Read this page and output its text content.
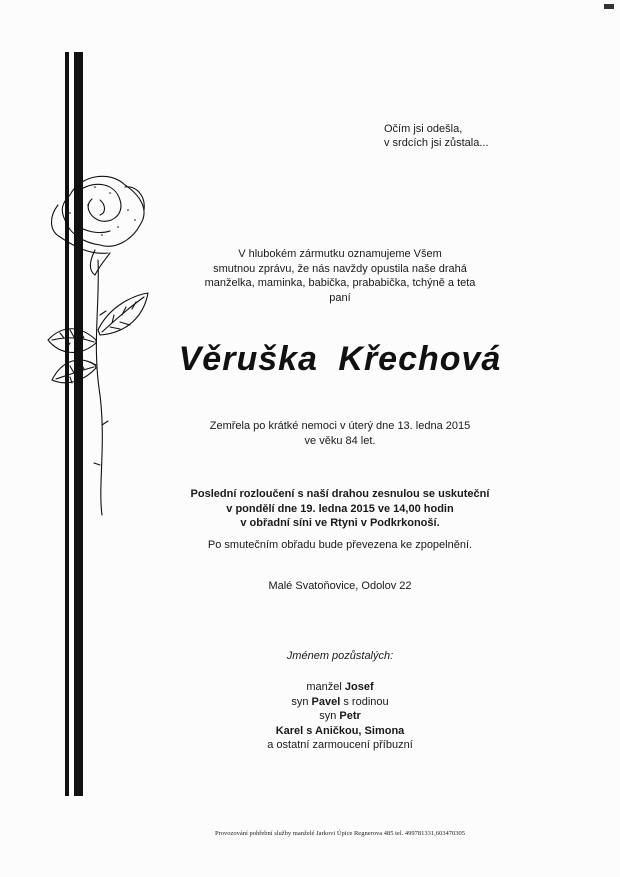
Očím jsi odešla,
v srdcích jsi zůstala...
V hlubokém zármutku oznamujeme Všem
smutnou zprávu, že nás navždy opustila naše drahá
manželka, maminka, babička, prababička, tchýně a teta
paní
Věruška Křechová
Zemřela po krátké nemoci v úterý dne 13. ledna 2015
ve věku 84 let.
Poslední rozloučení s naší drahou zesnulou se uskuteční
v pondělí dne 19. ledna 2015 ve 14,00 hodin
v obřadní síni ve Rtyni v Podkrkonoší.
Po smutečním obřadu bude převezena ke zpopelnění.
Malé Svatoňovice, Odolov 22
Jménem pozůstalých:
manžel Josef
syn Pavel s rodinou
syn Petr
Karel s Aničkou, Simona
a ostatní zarmoucení příbuzní
Provozování pohřební služby manželé Jarkovi Úpice Regnerova 485 tel. 499781331,603470305
